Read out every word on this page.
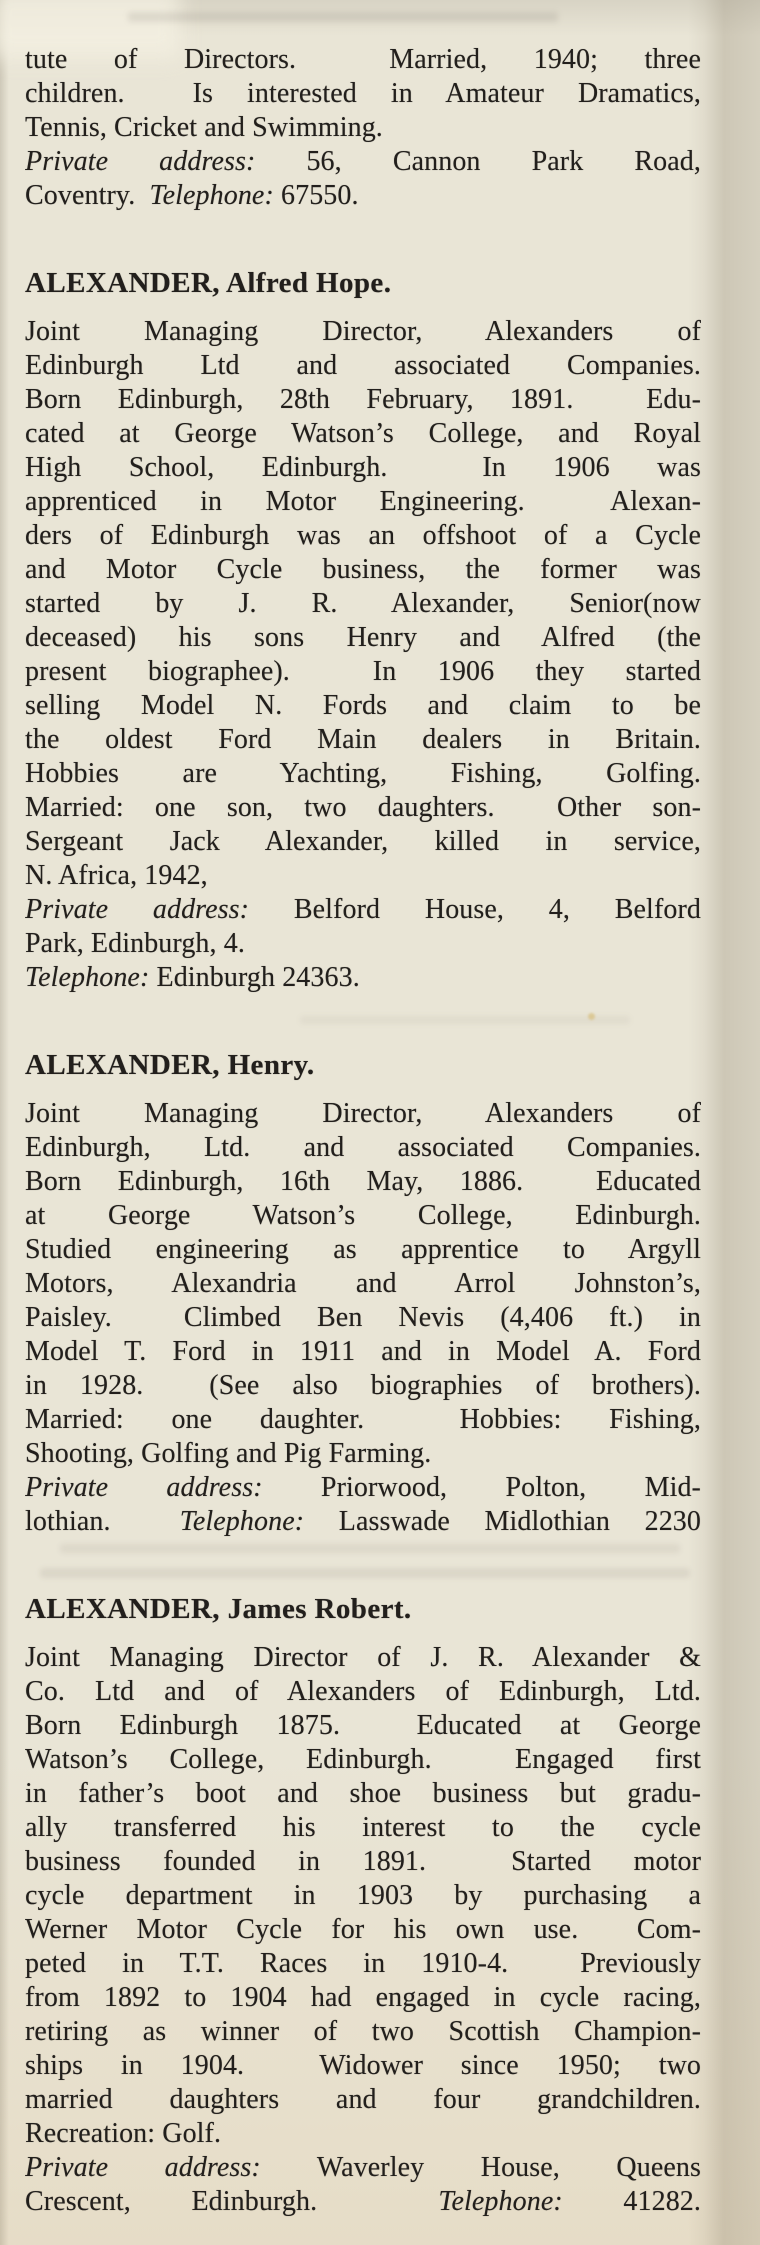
tute of Directors.  Married, 1940; three
children.  Is interested in Amateur Dramatics,
Tennis, Cricket and Swimming.
Private address: 56, Cannon Park Road,
Coventry.  Telephone: 67550.
ALEXANDER, Alfred Hope.
Joint Managing Director, Alexanders of
Edinburgh Ltd and associated Companies.
Born Edinburgh, 28th February, 1891.  Edu-
cated at George Watson’s College, and Royal
High School, Edinburgh.  In 1906 was
apprenticed in Motor Engineering.  Alexan-
ders of Edinburgh was an offshoot of a Cycle
and Motor Cycle business, the former was
started by J. R. Alexander, Senior(now
deceased) his sons Henry and Alfred (the
present biographee).  In 1906 they started
selling Model N. Fords and claim to be
the oldest Ford Main dealers in Britain.
Hobbies are Yachting, Fishing, Golfing.
Married: one son, two daughters.  Other son-
Sergeant Jack Alexander, killed in service,
N. Africa, 1942,
Private address: Belford House, 4, Belford
Park, Edinburgh, 4.
Telephone: Edinburgh 24363.
ALEXANDER, Henry.
Joint Managing Director, Alexanders of
Edinburgh, Ltd. and associated Companies.
Born Edinburgh, 16th May, 1886.  Educated
at George Watson’s College, Edinburgh.
Studied engineering as apprentice to Argyll
Motors, Alexandria and Arrol Johnston’s,
Paisley.  Climbed Ben Nevis (4,406 ft.) in
Model T. Ford in 1911 and in Model A. Ford
in 1928.  (See also biographies of brothers).
Married: one daughter.  Hobbies: Fishing,
Shooting, Golfing and Pig Farming.
Private address: Priorwood, Polton, Mid-
lothian.  Telephone: Lasswade Midlothian 2230
ALEXANDER, James Robert.
Joint Managing Director of J. R. Alexander &
Co. Ltd and of Alexanders of Edinburgh, Ltd.
Born Edinburgh 1875.  Educated at George
Watson’s College, Edinburgh.  Engaged first
in father’s boot and shoe business but gradu-
ally transferred his interest to the cycle
business founded in 1891.  Started motor
cycle department in 1903 by purchasing a
Werner Motor Cycle for his own use.  Com-
peted in T.T. Races in 1910-4.  Previously
from 1892 to 1904 had engaged in cycle racing,
retiring as winner of two Scottish Champion-
ships in 1904.  Widower since 1950; two
married daughters and four grandchildren.
Recreation: Golf.
Private address: Waverley House, Queens
Crescent, Edinburgh.  Telephone: 41282.
